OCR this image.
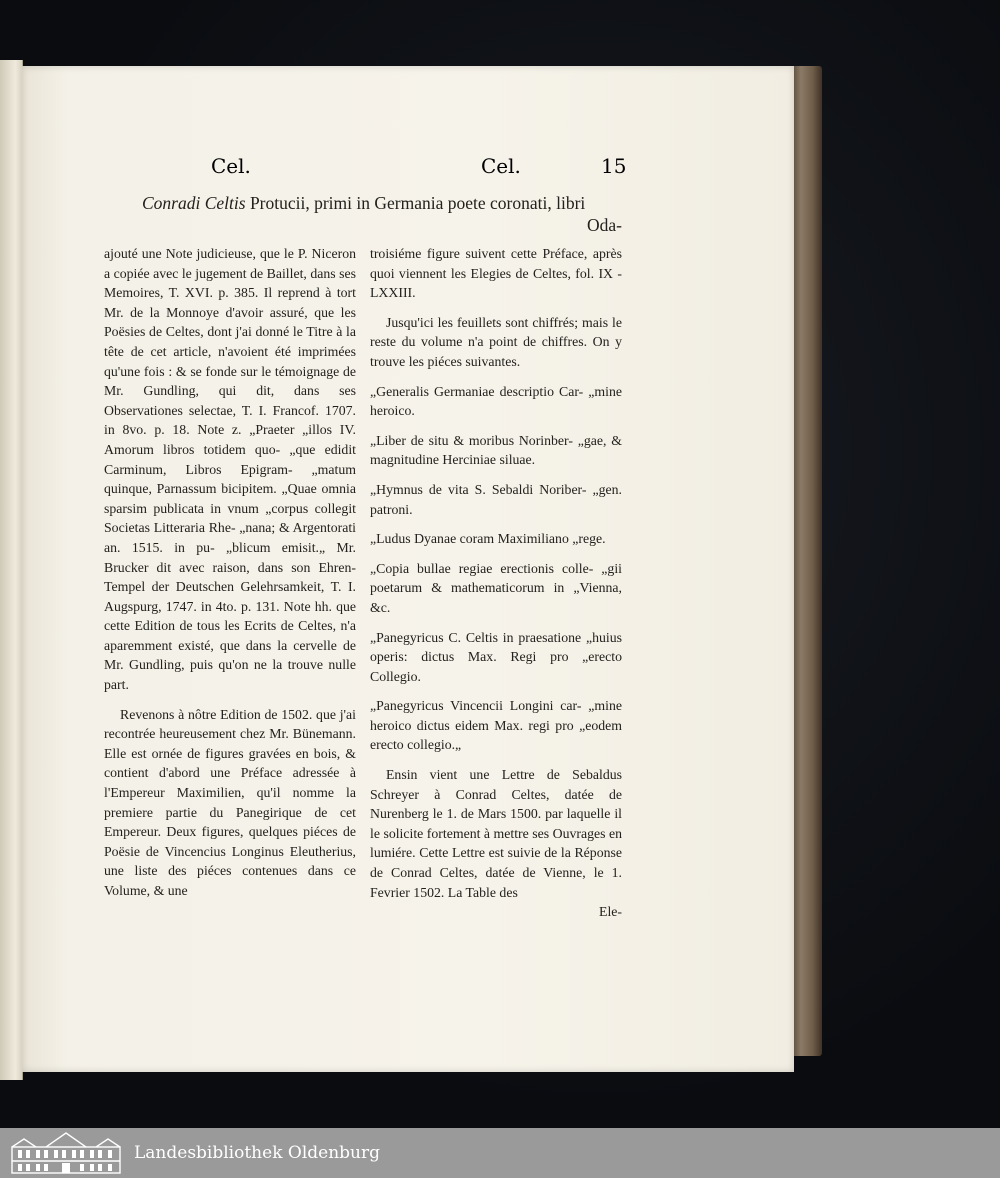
Cel.	Cel.	15
Conradi Celtis Protucii, primi in Germania poete coronati, libri
Oda-

ajouté une Note judicieuse, que le P. Niceron a copiée avec le jugement de Baillet, dans ses Memoires, T. XVI. p. 385. Il reprend à tort Mr. de la Monnoye d'avoir assuré, que les Poësies de Celtes, dont j'ai donné le Titre à la tête de cet article, n'avoient été imprimées qu'une fois : & se fonde sur le témoignage de Mr. Gundling, qui dit, dans ses Observationes selectae, T. I. Francof. 1707. in 8vo. p. 18. Note z. „Praeter „illos IV. Amorum libros totidem quo- „que edidit Carminum, Libros Epigram- „matum quinque, Parnassum bicipitem. „Quae omnia sparsim publicata in vnum „corpus collegit Societas Litteraria Rhe- „nana; & Argentorati an. 1515. in pu- „blicum emisit.„ Mr. Brucker dit avec raison, dans son Ehren-Tempel der Deutschen Gelehrsamkeit, T. I. Augspurg, 1747. in 4to. p. 131. Note hh. que cette Edition de tous les Ecrits de Celtes, n'a aparemment existé, que dans la cervelle de Mr. Gundling, puis qu'on ne la trouve nulle part.

Revenons à nôtre Edition de 1502. que j'ai recontrée heureusement chez Mr. Bünemann. Elle est ornée de figures gravées en bois, & contient d'abord une Préface adressée à l'Empereur Maximilien, qu'il nomme la premiere partie du Panegirique de cet Empereur. Deux figures, quelques piéces de Poësie de Vincencius Longinus Eleutherius, une liste des piéces contenues dans ce Volume, & une

troisiéme figure suivent cette Préface, après quoi viennent les Elegies de Celtes, fol. IX - LXXIII.

Jusqu'ici les feuillets sont chiffrés; mais le reste du volume n'a point de chiffres. On y trouve les piéces suivantes.

„Generalis Germaniae descriptio Car- „mine heroico.

„Liber de situ & moribus Norinber- „gae, & magnitudine Herciniae siluae.

„Hymnus de vita S. Sebaldi Noriber- „gen. patroni.

„Ludus Dyanae coram Maximiliano „rege.

„Copia bullae regiae erectionis colle- „gii poetarum & mathematicorum in „Vienna, &c.

„Panegyricus C. Celtis in praesatione „huius operis: dictus Max. Regi pro „erecto Collegio.

„Panegyricus Vincencii Longini car- „mine heroico dictus eidem Max. regi pro „eodem erecto collegio.„

Ensin vient une Lettre de Sebaldus Schreyer à Conrad Celtes, datée de Nurenberg le 1. de Mars 1500. par laquelle il le solicite fortement à mettre ses Ouvrages en lumiére. Cette Lettre est suivie de la Réponse de Conrad Celtes, datée de Vienne, le 1. Fevrier 1502. La Table des

Ele-

Landesbibliothek Oldenburg
